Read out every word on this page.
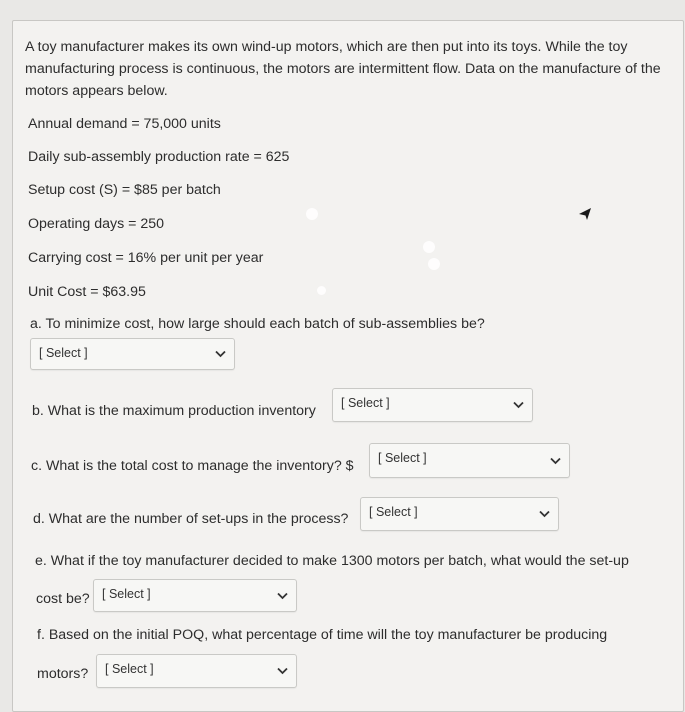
A toy manufacturer makes its own wind-up motors, which are then put into its toys. While the toy manufacturing process is continuous, the motors are intermittent flow. Data on the manufacture of the motors appears below.

Annual demand = 75,000 units

Daily sub-assembly production rate = 625

Setup cost (S) = $85 per batch

Operating days = 250

Carrying cost = 16% per unit per year

Unit Cost = $63.95

a. To minimize cost, how large should each batch of sub-assemblies be?

[ Select ]

b. What is the maximum production inventory [ Select ]

c. What is the total cost to manage the inventory? $ [ Select ]

d. What are the number of set-ups in the process? [ Select ]

e. What if the toy manufacturer decided to make 1300 motors per batch, what would the set-up

cost be? [ Select ]

f. Based on the initial POQ, what percentage of time will the toy manufacturer be producing

motors? [ Select ]
